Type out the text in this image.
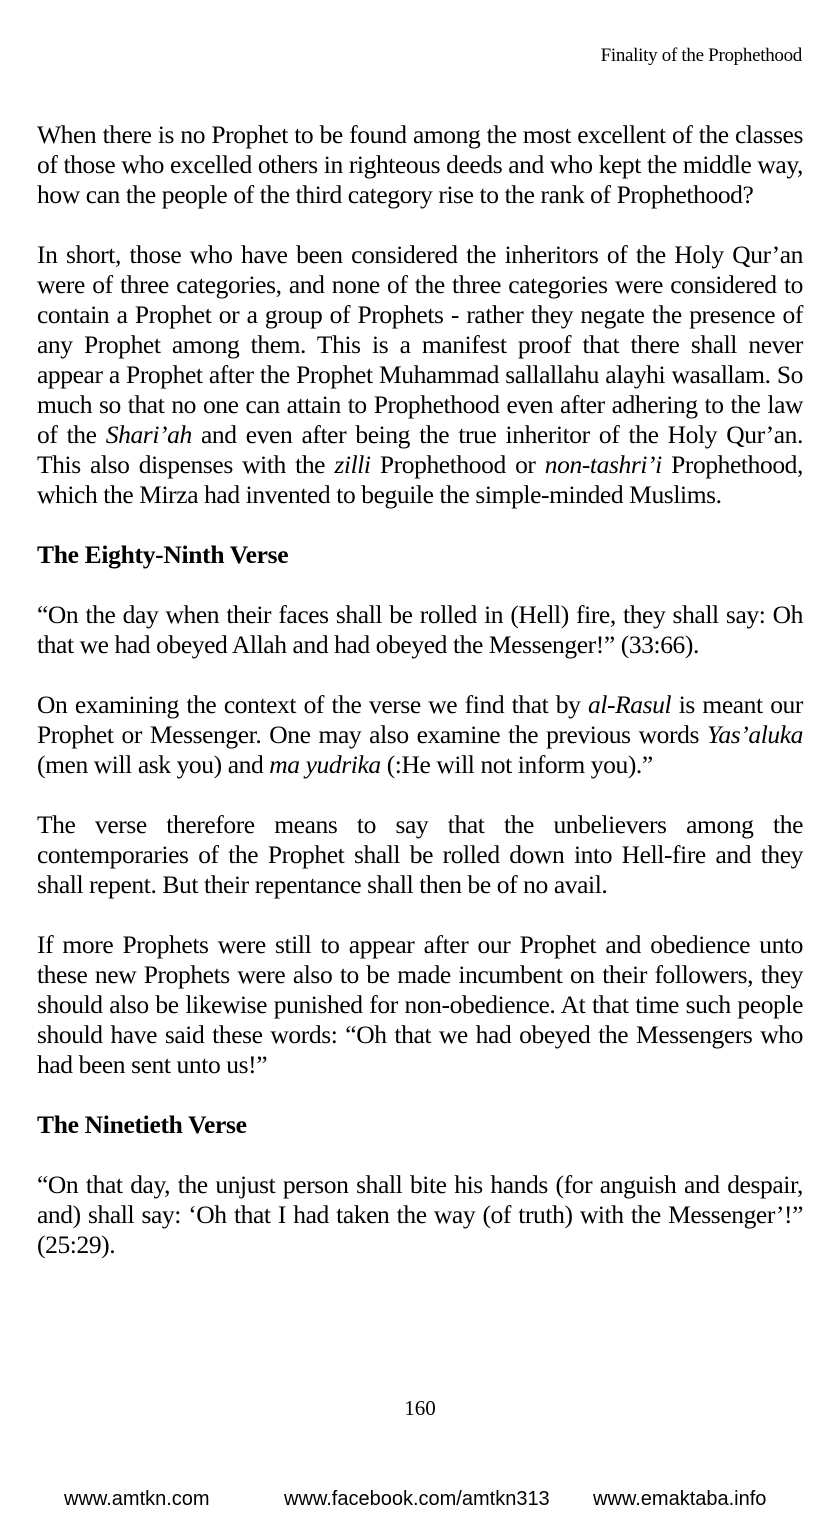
Finality of the Prophethood

When there is no Prophet to be found among the most excellent of the classes of those who excelled others in righteous deeds and who kept the middle way, how can the people of the third category rise to the rank of Prophethood?

In short, those who have been considered the inheritors of the Holy Qur’an were of three categories, and none of the three categories were considered to contain a Prophet or a group of Prophets - rather they negate the presence of any Prophet among them. This is a manifest proof that there shall never appear a Prophet after the Prophet Muhammad sallallahu alayhi wasallam. So much so that no one can attain to Prophethood even after adhering to the law of the Shari’ah and even after being the true inheritor of the Holy Qur’an. This also dispenses with the zilli Prophethood or non-tashri’i Prophethood, which the Mirza had invented to beguile the simple-minded Muslims.

The Eighty-Ninth Verse

“On the day when their faces shall be rolled in (Hell) fire, they shall say: Oh that we had obeyed Allah and had obeyed the Messenger!” (33:66).

On examining the context of the verse we find that by al-Rasul is meant our Prophet or Messenger. One may also examine the previous words Yas’aluka (men will ask you) and ma yudrika (:He will not inform you).”

The verse therefore means to say that the unbelievers among the contemporaries of the Prophet shall be rolled down into Hell-fire and they shall repent. But their repentance shall then be of no avail.

If more Prophets were still to appear after our Prophet and obedience unto these new Prophets were also to be made incumbent on their followers, they should also be likewise punished for non-obedience. At that time such people should have said these words: “Oh that we had obeyed the Messengers who had been sent unto us!”

The Ninetieth Verse

“On that day, the unjust person shall bite his hands (for anguish and despair, and) shall say: ‘Oh that I had taken the way (of truth) with the Messenger’!” (25:29).

160
www.amtkn.com	www.facebook.com/amtkn313 www.emaktaba.info
